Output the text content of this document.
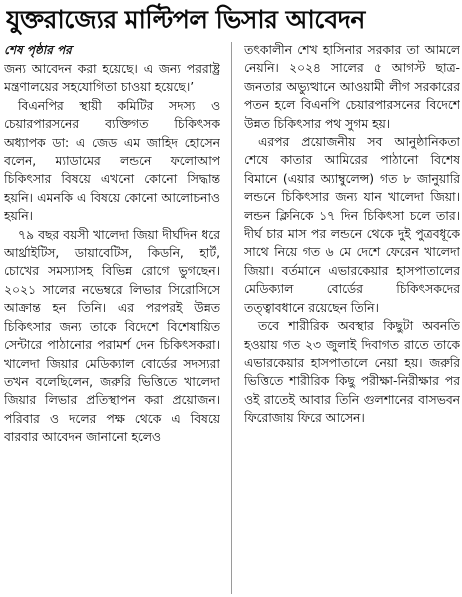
যুক্তরাজ্যের মাল্টিপল ভিসার আবেদন
শেষ পৃষ্ঠার পর

জন্য আবেদন করা হয়েছে। এ জন্য পররাষ্ট্র মন্ত্রণালয়ের সহযোগিতা চাওয়া হয়েছে।’

বিএনপির স্থায়ী কমিটির সদস্য ও চেয়ারপারসনের ব্যক্তিগত চিকিৎসক অধ্যাপক ডা: এ জেড এম জাহিদ হোসেন বলেন, ম্যাডামের লন্ডনে ফলোআপ চিকিৎসার বিষয়ে এখনো কোনো সিদ্ধান্ত হয়নি। এমনকি এ বিষয়ে কোনো আলোচনাও হয়নি।

৭৯ বছর বয়সী খালেদা জিয়া দীর্ঘদিন ধরে আর্থ্রাইটিস, ডায়াবেটিস, কিডনি, হার্ট, চোখের সমস্যাসহ বিভিন্ন রোগে ভুগছেন। ২০২১ সালের নভেম্বরে লিভার সিরোসিসে আক্রান্ত হন তিনি। এর পরপরই উন্নত চিকিৎসার জন্য তাকে বিদেশে বিশেষায়িত সেন্টারে পাঠানোর পরামর্শ দেন চিকিৎসকরা। খালেদা জিয়ার মেডিক্যাল বোর্ডের সদস্যরা তখন বলেছিলেন, জরুরি ভিত্তিতে খালেদা জিয়ার লিভার প্রতিস্থাপন করা প্রয়োজন। পরিবার ও দলের পক্ষ থেকে এ বিষয়ে বারবার আবেদন জানানো হলেও

তৎকালীন শেখ হাসিনার সরকার তা আমলে নেয়নি। ২০২৪ সালের ৫ আগস্ট ছাত্র-জনতার অভ্যুত্থানে আওয়ামী লীগ সরকারের পতন হলে বিএনপি চেয়ারপারসনের বিদেশে উন্নত চিকিৎসার পথ সুগম হয়।

এরপর প্রয়োজনীয় সব আনুষ্ঠানিকতা শেষে কাতার আমিরের পাঠানো বিশেষ বিমানে (এয়ার অ্যাম্বুলেন্স) গত ৮ জানুয়ারি লন্ডনে চিকিৎসার জন্য যান খালেদা জিয়া। লন্ডন ক্লিনিকে ১৭ দিন চিকিৎসা চলে তার। দীর্ঘ চার মাস পর লন্ডনে থেকে দুই পুত্রবধূকে সাথে নিয়ে গত ৬ মে দেশে ফেরেন খালেদা জিয়া। বর্তমানে এভারকেয়ার হাসপাতালের মেডিক্যাল বোর্ডের চিকিৎসকদের তত্ত্বাবধানে রয়েছেন তিনি।

তবে শারীরিক অবস্থার কিছুটা অবনতি হওয়ায় গত ২৩ জুলাই দিবাগত রাতে তাকে এভারকেয়ার হাসপাতালে নেয়া হয়। জরুরি ভিত্তিতে শারীরিক কিছু পরীক্ষা-নিরীক্ষার পর ওই রাতেই আবার তিনি গুলশানের বাসভবন ফিরোজায় ফিরে আসেন।
